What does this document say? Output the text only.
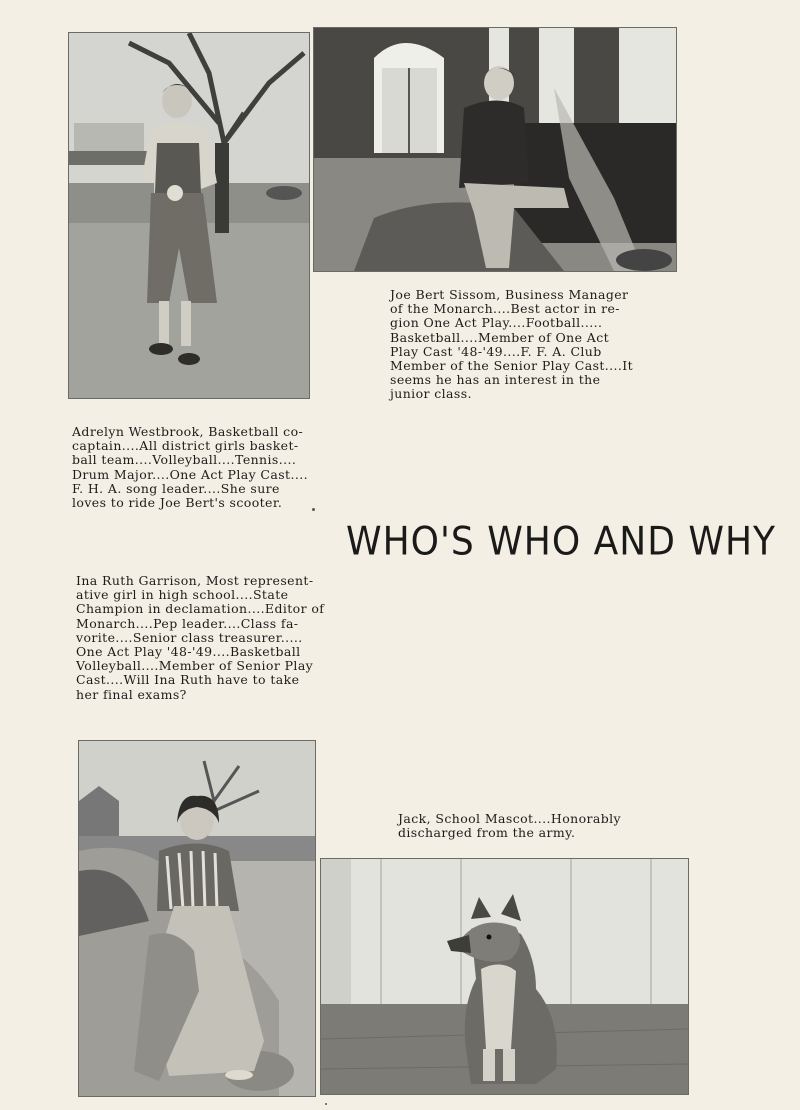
Joe Bert Sissom, Business Manager
of the Monarch....Best actor in re-
gion One Act Play....Football.....
Basketball....Member of One Act
Play Cast '48-'49....F. F. A. Club
Member of the Senior Play Cast....It
seems he has an interest in the
junior class.
Adrelyn Westbrook, Basketball co-
captain....All district girls basket-
ball team....Volleyball....Tennis....
Drum Major....One Act Play Cast....
F. H. A. song leader....She sure
loves to ride Joe Bert's scooter.
WHO'S WHO AND WHY
Ina Ruth Garrison, Most represent-
ative girl in high school....State
Champion in declamation....Editor of
Monarch....Pep leader....Class fa-
vorite....Senior class treasurer.....
One Act Play '48-'49....Basketball
Volleyball....Member of Senior Play
Cast....Will Ina Ruth have to take
her final exams?
Jack, School Mascot....Honorably
discharged from the army.
